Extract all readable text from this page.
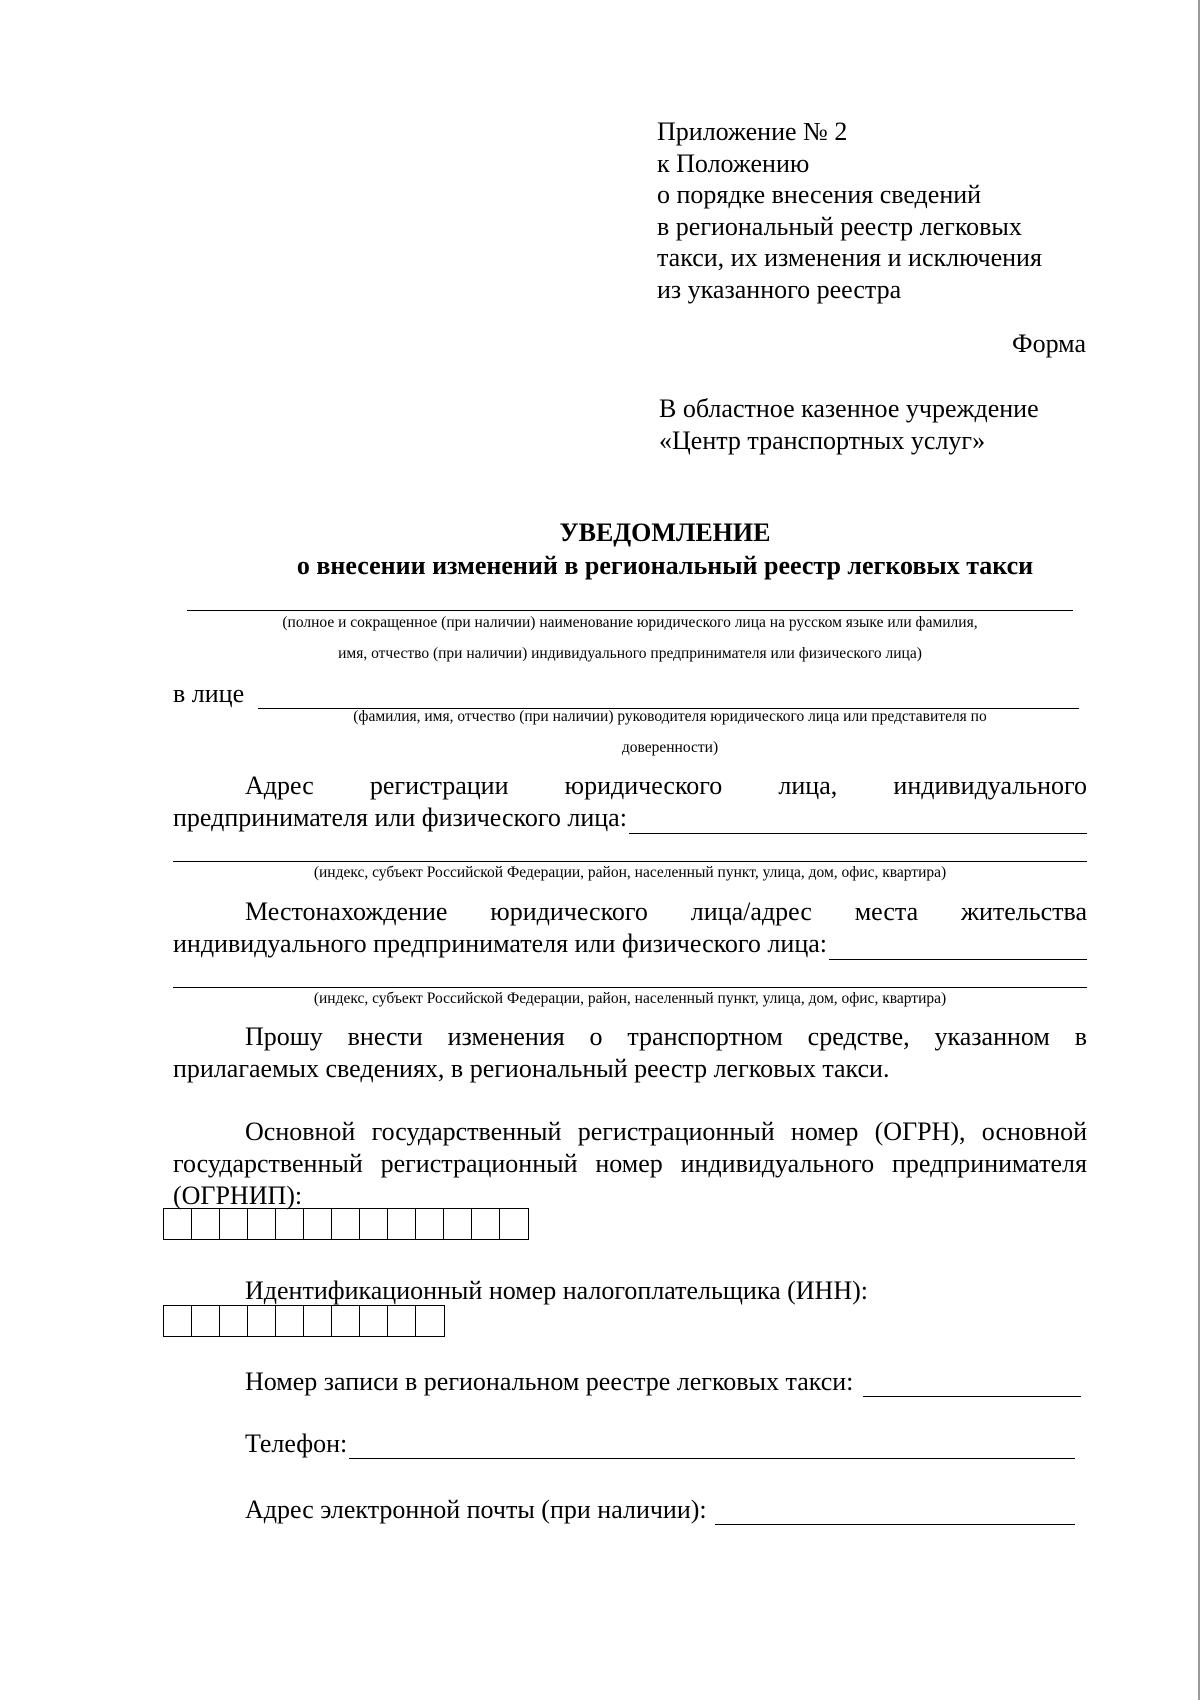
Приложение № 2
к Положению
о порядке внесения сведений
в региональный реестр легковых
такси, их изменения и исключения
из указанного реестра
Форма
В областное казенное учреждение
«Центр транспортных услуг»
УВЕДОМЛЕНИЕ
о внесении изменений в региональный реестр легковых такси
(полное и сокращенное (при наличии) наименование юридического лица на русском языке или фамилия,
имя, отчество (при наличии) индивидуального предпринимателя или физического лица)
в лице
(фамилия, имя, отчество (при наличии) руководителя юридического лица или представителя по
доверенности)
Адрес регистрации юридического лица, индивидуального
предпринимателя или физического лица:
(индекс, субъект Российской Федерации, район, населенный пункт, улица, дом, офис, квартира)
Местонахождение юридического лица/адрес места жительства
индивидуального предпринимателя или физического лица:
(индекс, субъект Российской Федерации, район, населенный пункт, улица, дом, офис, квартира)
Прошу внести изменения о транспортном средстве, указанном в
прилагаемых сведениях, в региональный реестр легковых такси.
Основной государственный регистрационный номер (ОГРН), основной
государственный регистрационный номер индивидуального предпринимателя
(ОГРНИП):
Идентификационный номер налогоплательщика (ИНН):
Номер записи в региональном реестре легковых такси:
Телефон:
Адрес электронной почты (при наличии):
